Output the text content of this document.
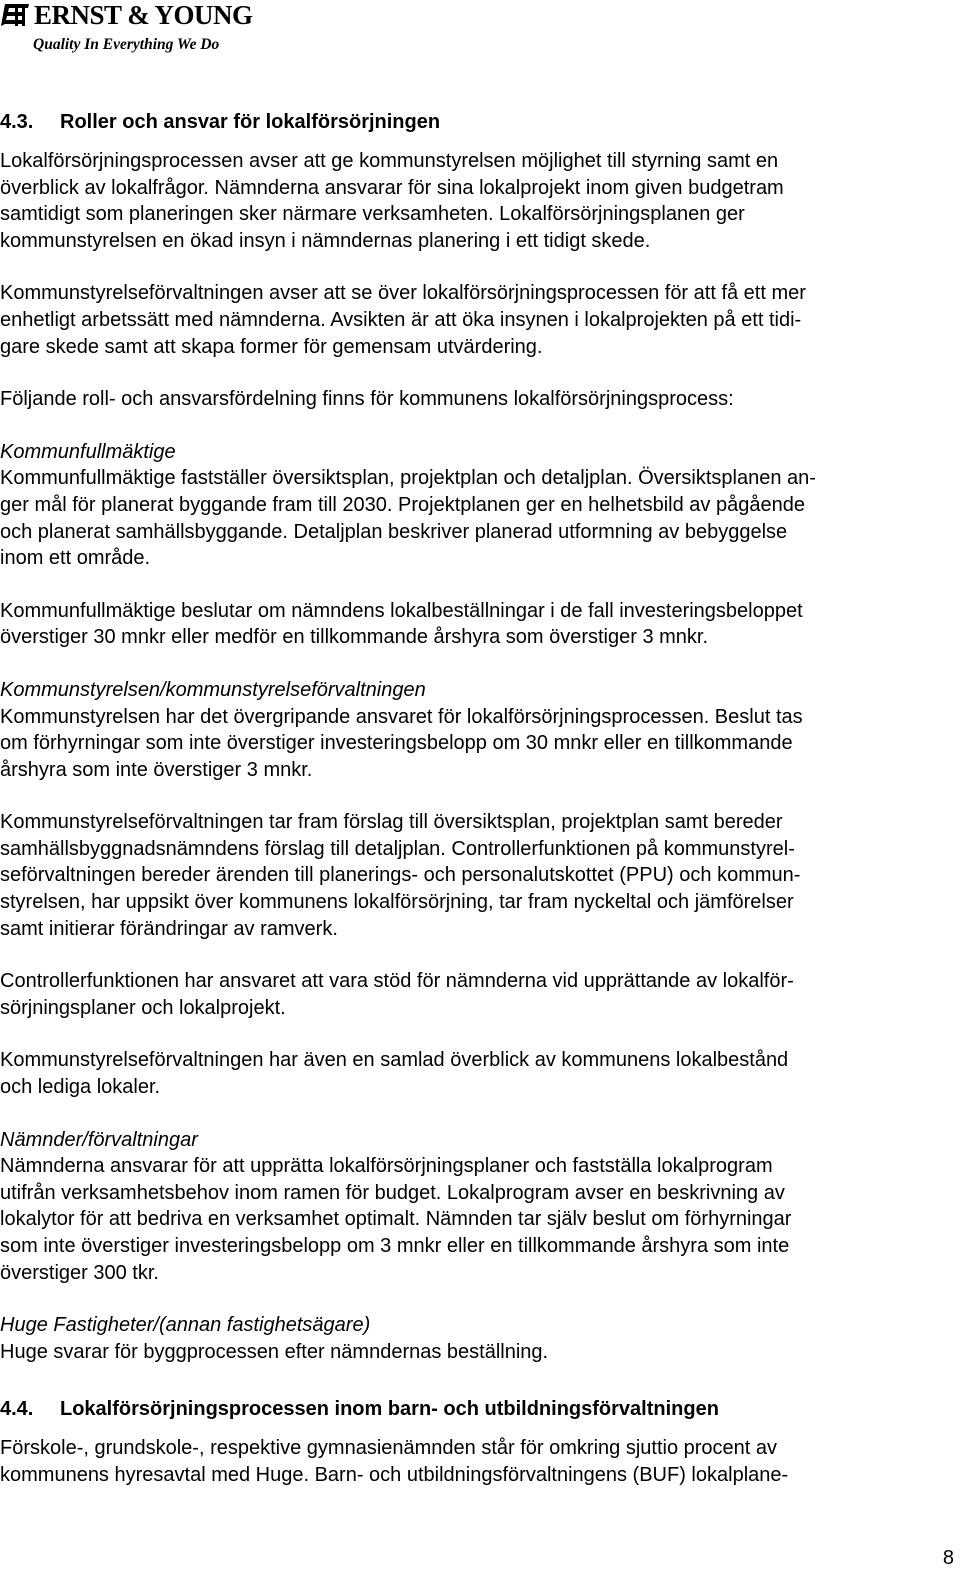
ERNST & YOUNG
Quality In Everything We Do
4.3. Roller och ansvar för lokalförsörjningen

Lokalförsörjningsprocessen avser att ge kommunstyrelsen möjlighet till styrning samt en
överblick av lokalfrågor. Nämnderna ansvarar för sina lokalprojekt inom given budgetram
samtidigt som planeringen sker närmare verksamheten. Lokalförsörjningsplanen ger
kommunstyrelsen en ökad insyn i nämndernas planering i ett tidigt skede.

Kommunstyrelseförvaltningen avser att se över lokalförsörjningsprocessen för att få ett mer
enhetligt arbetssätt med nämnderna. Avsikten är att öka insynen i lokalprojekten på ett tidi-
gare skede samt att skapa former för gemensam utvärdering.

Följande roll- och ansvarsfördelning finns för kommunens lokalförsörjningsprocess:

Kommunfullmäktige

Kommunfullmäktige fastställer översiktsplan, projektplan och detaljplan. Översiktsplanen an-
ger mål för planerat byggande fram till 2030. Projektplanen ger en helhetsbild av pågående
och planerat samhällsbyggande. Detaljplan beskriver planerad utformning av bebyggelse
inom ett område.

Kommunfullmäktige beslutar om nämndens lokalbeställningar i de fall investeringsbeloppet
överstiger 30 mnkr eller medför en tillkommande årshyra som överstiger 3 mnkr.

Kommunstyrelsen/kommunstyrelseförvaltningen

Kommunstyrelsen har det övergripande ansvaret för lokalförsörjningsprocessen. Beslut tas
om förhyrningar som inte överstiger investeringsbelopp om 30 mnkr eller en tillkommande
årshyra som inte överstiger 3 mnkr.

Kommunstyrelseförvaltningen tar fram förslag till översiktsplan, projektplan samt bereder
samhällsbyggnadsnämndens förslag till detaljplan. Controllerfunktionen på kommunstyrel-
seförvaltningen bereder ärenden till planerings- och personalutskottet (PPU) och kommun-
styrelsen, har uppsikt över kommunens lokalförsörjning, tar fram nyckeltal och jämförelser
samt initierar förändringar av ramverk.

Controllerfunktionen har ansvaret att vara stöd för nämnderna vid upprättande av lokalför-
sörjningsplaner och lokalprojekt.

Kommunstyrelseförvaltningen har även en samlad överblick av kommunens lokalbestånd
och lediga lokaler.

Nämnder/förvaltningar

Nämnderna ansvarar för att upprätta lokalförsörjningsplaner och fastställa lokalprogram
utifrån verksamhetsbehov inom ramen för budget. Lokalprogram avser en beskrivning av
lokalytor för att bedriva en verksamhet optimalt. Nämnden tar själv beslut om förhyrningar
som inte överstiger investeringsbelopp om 3 mnkr eller en tillkommande årshyra som inte
överstiger 300 tkr.

Huge Fastigheter/(annan fastighetsägare)

Huge svarar för byggprocessen efter nämndernas beställning.

4.4. Lokalförsörjningsprocessen inom barn- och utbildningsförvaltningen

Förskole-, grundskole-, respektive gymnasienämnden står för omkring sjuttio procent av
kommunens hyresavtal med Huge. Barn- och utbildningsförvaltningens (BUF) lokalplane-

8
